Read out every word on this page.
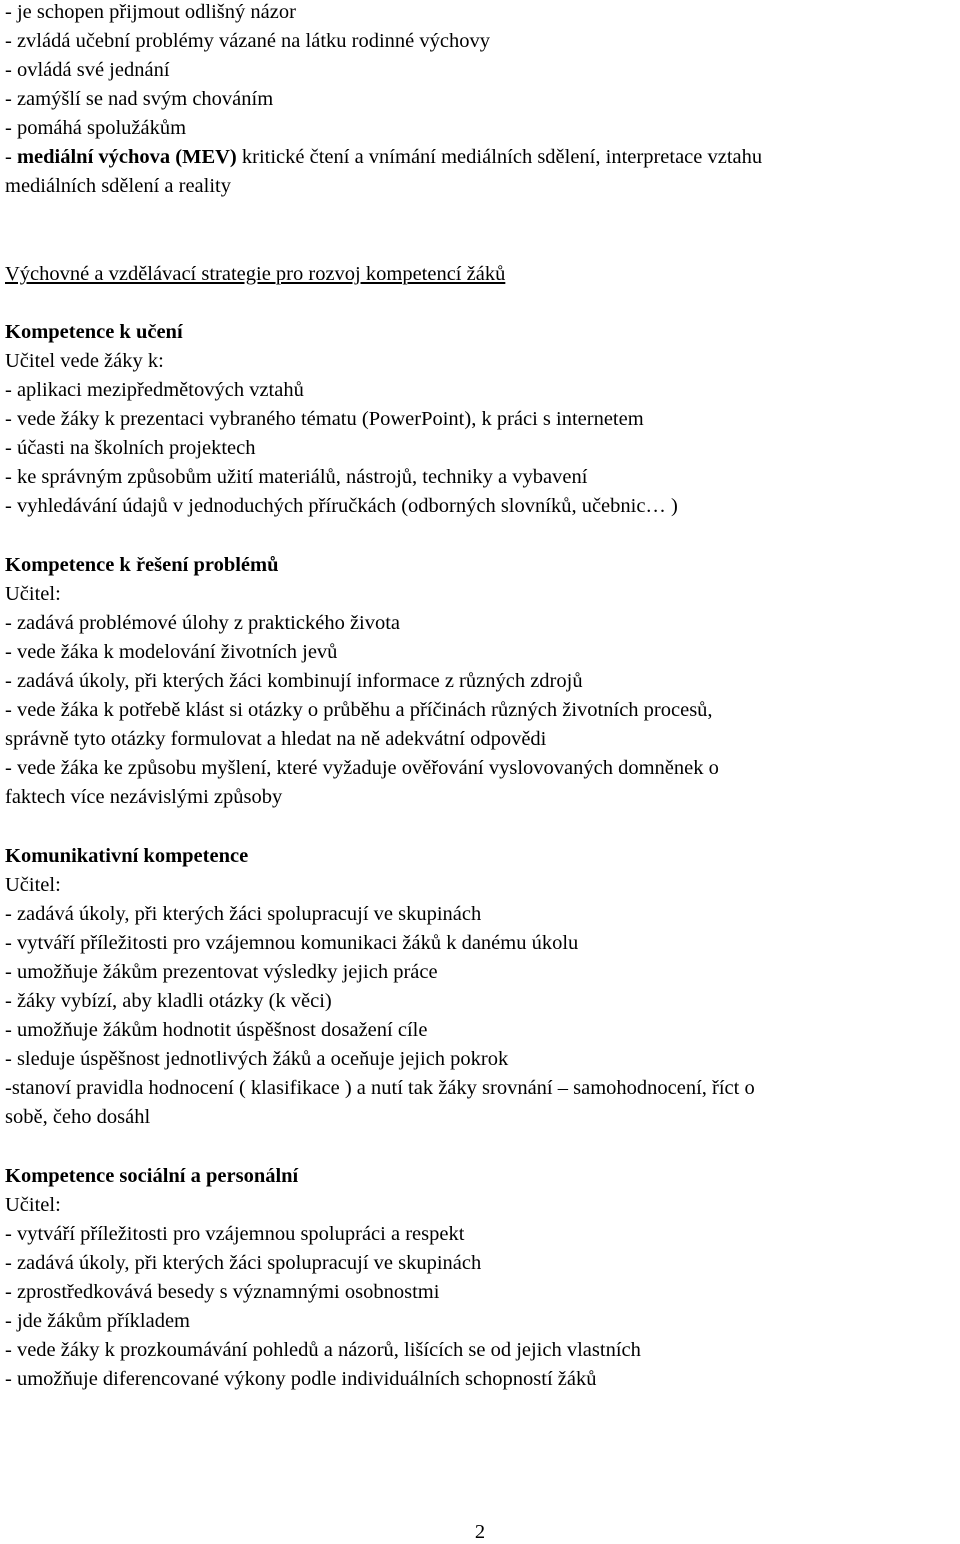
- je schopen přijmout odlišný názor
- zvládá učební problémy vázané na látku rodinné výchovy
- ovládá své jednání
- zamýšlí se nad svým chováním
- pomáhá spolužákům
- mediální výchova (MEV) kritické čtení a vnímání mediálních sdělení, interpretace vztahu
mediálních sdělení a reality
Výchovné a vzdělávací strategie pro rozvoj kompetencí žáků
Kompetence k učení
Učitel vede žáky k:
- aplikaci mezipředmětových vztahů
- vede žáky k prezentaci vybraného tématu (PowerPoint), k práci s internetem
- účasti na školních projektech
- ke správným způsobům užití materiálů, nástrojů, techniky a vybavení
- vyhledávání údajů v jednoduchých příručkách (odborných slovníků, učebnic… )
Kompetence k řešení problémů
Učitel:
- zadává problémové úlohy z praktického života
- vede žáka k modelování životních jevů
- zadává úkoly, při kterých žáci kombinují informace z různých zdrojů
- vede žáka k potřebě klást si otázky o průběhu a příčinách různých životních procesů,
správně tyto otázky formulovat a hledat na ně adekvátní odpovědi
- vede žáka ke způsobu myšlení, které vyžaduje ověřování vyslovovaných domněnek o
faktech více nezávislými způsoby
Komunikativní kompetence
Učitel:
- zadává úkoly, při kterých žáci spolupracují ve skupinách
- vytváří příležitosti pro vzájemnou komunikaci žáků k danému úkolu
- umožňuje žákům prezentovat výsledky jejich práce
- žáky vybízí, aby kladli otázky (k věci)
- umožňuje žákům hodnotit úspěšnost dosažení cíle
- sleduje úspěšnost jednotlivých žáků a oceňuje jejich pokrok
-stanoví pravidla hodnocení ( klasifikace ) a nutí tak žáky srovnání – samohodnocení, říct o
sobě, čeho dosáhl
Kompetence sociální a personální
Učitel:
- vytváří příležitosti pro vzájemnou spolupráci a respekt
- zadává úkoly, při kterých žáci spolupracují ve skupinách
- zprostředkovává besedy s významnými osobnostmi
- jde žákům příkladem
- vede žáky k prozkoumávání pohledů a názorů, lišících se od jejich vlastních
- umožňuje diferencované výkony podle individuálních schopností žáků
2
